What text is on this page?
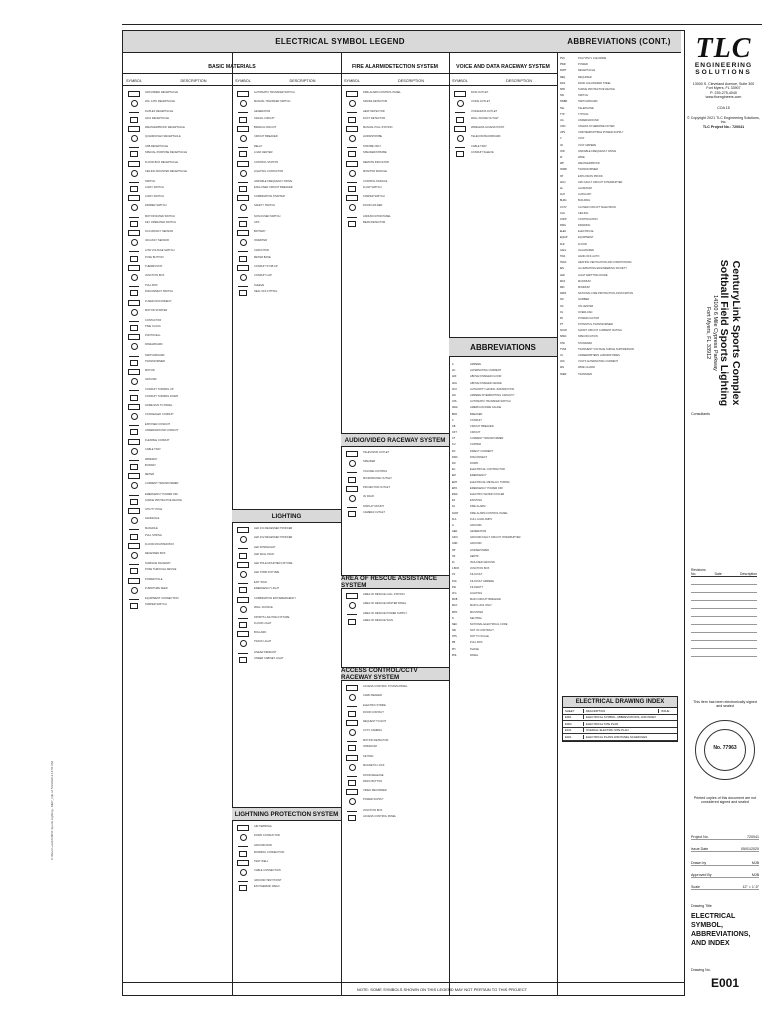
C:\Revit Local\720041 Sports Lighting - MEP_mjb.rvt 5/1/2020 2:14:51 PM
ELECTRICAL SYMBOL LEGEND	ABBREVIATIONS (CONT.)
BASIC MATERIALS	FIRE ALARM/DETECTION SYSTEM	VOICE AND DATA RACEWAY SYSTEM
SYMBOL	DESCRIPTION	SYMBOL	DESCRIPTION	SYMBOL	DESCRIPTION	SYMBOL	DESCRIPTION
GROUNDED RECEPTACLE
20A, 125V RECEPTACLE
DUPLEX RECEPTACLE
GFCI RECEPTACLE
WEATHERPROOF RECEPTACLE
QUADRUPLEX RECEPTACLE
USB RECEPTACLE
SPECIAL PURPOSE RECEPTACLE
FLOOR BOX RECEPTACLE
CEILING MOUNTED RECEPTACLE
SWITCH
3-WAY SWITCH
4-WAY SWITCH
DIMMER SWITCH
MOTOR RATED SWITCH
KEY OPERATED SWITCH
OCCUPANCY SENSOR
VACANCY SENSOR
LOW VOLTAGE SWITCH
PUSH BUTTON
THERMOSTAT
JUNCTION BOX
PULL BOX
DISCONNECT SWITCH
FUSED DISCONNECT
MOTOR STARTER
CONTACTOR
TIME CLOCK
PHOTOCELL
PANELBOARD
SWITCHBOARD
TRANSFORMER
MOTOR
GROUND
CONDUIT TURNING UP
CONDUIT TURNING DOWN
HOME RUN TO PANEL
CONCEALED CONDUIT
EXPOSED CONDUIT
UNDERGROUND CONDUIT
FLEXIBLE CONDUIT
CABLE TRAY
WIREWAY
BUSWAY
METER
CURRENT TRANSFORMER
EMERGENCY POWER OFF
SURGE PROTECTIVE DEVICE
UTILITY POLE
HANDHOLE
MANHOLE
PULL STRING
FLOOR MOUNTED BOX
RECESSED BOX
SURFACE RACEWAY
POKE THROUGH DEVICE
POWER POLE
FURNITURE FEED
EQUIPMENT CONNECTION
TAMPER SWITCH
AUTOMATIC TRANSFER SWITCH
MANUAL TRANSFER SWITCH
GENERATOR
SIGNAL CIRCUIT
BRANCH CIRCUIT
CIRCUIT BREAKER
RELAY
LOAD CENTER
CONTROL STATION
LIGHTING CONTACTOR
VARIABLE FREQUENCY DRIVE
ENCLOSED CIRCUIT BREAKER
COMBINATION STARTER
SAFETY SWITCH
NON-FUSED SWITCH
UPS
BATTERY
INVERTER
CAPACITOR
METER BASE
CONDUIT STUB UP
CONDUIT CAP
SLEEVE
SEAL OFF FITTING
LIGHTING
LED 2X4 RECESSED TROFFER
LED 2X2 RECESSED TROFFER
LED DOWNLIGHT
LED WALL PACK
LED POLE MOUNTED FIXTURE
LED STRIP FIXTURE
EXIT SIGN
EMERGENCY LIGHT
COMBINATION EXIT/EMERGENCY
WALL SCONCE
SPORTS LIGHTING FIXTURE
FLOOD LIGHT
BOLLARD
TRACK LIGHT
LINEAR PENDANT
UNDER CABINET LIGHT
LIGHTNING PROTECTION SYSTEM
AIR TERMINAL
DOWN CONDUCTOR
GROUND ROD
BONDING CONNECTION
TEST WELL
CABLE CONNECTION
GROUND TEST POINT
EXOTHERMIC WELD
FIRE ALARM CONTROL PANEL
SMOKE DETECTOR
HEAT DETECTOR
DUCT DETECTOR
MANUAL PULL STATION
HORN/STROBE
STROBE ONLY
SPEAKER/STROBE
REMOTE INDICATOR
MONITOR MODULE
CONTROL MODULE
FLOW SWITCH
TAMPER SWITCH
DOOR HOLDER
ANNUNCIATOR PANEL
BEAM DETECTOR
AUDIO/VIDEO RACEWAY SYSTEM
TELEVISION OUTLET
SPEAKER
VOLUME CONTROL
MICROPHONE OUTLET
PROJECTOR OUTLET
AV RACK
DISPLAY MOUNT
CAMERA OUTLET
AREA OF RESCUE ASSISTANCE SYSTEM
AREA OF RESCUE CALL STATION
AREA OF RESCUE MASTER PANEL
AREA OF RESCUE POWER SUPPLY
AREA OF RESCUE SIGN
ACCESS CONTROL/CCTV RACEWAY SYSTEM
ACCESS CONTROL SYSTEM PANEL
CARD READER
ELECTRIC STRIKE
DOOR CONTACT
REQUEST TO EXIT
CCTV CAMERA
MOTION DETECTOR
INTERCOM
KEYPAD
MAGNETIC LOCK
DOOR RELEASE
PANIC BUTTON
VIDEO RECORDER
POWER SUPPLY
JUNCTION BOX
ACCESS CONTROL PANEL
DATA OUTLET
VOICE OUTLET
VOICE/DATA OUTLET
WALL PHONE OUTLET
WIRELESS ACCESS POINT
TELECOM BACKBOARD
CABLE TRAY
CONDUIT SLEEVE
ABBREVIATIONS
A	AMPERE
AC	ALTERNATING CURRENT
AFF	ABOVE FINISHED FLOOR
AFG	ABOVE FINISHED GRADE
AHJ	AUTHORITY HAVING JURISDICTION
AIC	AMPERE INTERRUPTING CAPACITY
ATS	AUTOMATIC TRANSFER SWITCH
AWG	AMERICAN WIRE GAUGE
BKR	BREAKER
C	CONDUIT
CB	CIRCUIT BREAKER
CKT	CIRCUIT
CT	CURRENT TRANSFORMER
CU	COPPER
DC	DIRECT CURRENT
DISC	DISCONNECT
DN	DOWN
EC	ELECTRICAL CONTRACTOR
EM	EMERGENCY
EMT	ELECTRICAL METALLIC TUBING
EPO	EMERGENCY POWER OFF
EWC	ELECTRIC WATER COOLER
EX	EXISTING
FA	FIRE ALARM
FACP	FIRE ALARM CONTROL PANEL
FLA	FULL LOAD AMPS
G	GROUND
GEN	GENERATOR
GFCI	GROUND FAULT CIRCUIT INTERRUPTER
GND	GROUND
HP	HORSEPOWER
HZ	HERTZ
IG	ISOLATED GROUND
J-BOX	JUNCTION BOX
KV	KILOVOLT
KVA	KILOVOLT AMPERE
KW	KILOWATT
LTG	LIGHTING
MCB	MAIN CIRCUIT BREAKER
MLO	MAIN LUGS ONLY
MTD	MOUNTED
N	NEUTRAL
NEC	NATIONAL ELECTRICAL CODE
NIC	NOT IN CONTRACT
NTS	NOT TO SCALE
PB	PULL BOX
PH	PHASE
PNL	PANEL
PVC	POLYVINYL CHLORIDE
PWR	POWER
RCPT	RECEPTACLE
REQ	REQUIRED
RGS	RIGID GALVANIZED STEEL
SPD	SURGE PROTECTIVE DEVICE
SW	SWITCH
SWBD	SWITCHBOARD
TEL	TELEPHONE
TYP	TYPICAL
UG	UNDERGROUND
UON	UNLESS OTHERWISE NOTED
UPS	UNINTERRUPTIBLE POWER SUPPLY
V	VOLT
VA	VOLT AMPERE
VFD	VARIABLE FREQUENCY DRIVE
W	WIRE
WP	WEATHERPROOF
XFMR	TRANSFORMER
XP	EXPLOSION PROOF
AFCI	ARC FAULT CIRCUIT INTERRUPTER
AL	ALUMINUM
AUX	AUXILIARY
BLDG	BUILDING
CCTV	CLOSED CIRCUIT TELEVISION
CLG	CEILING
CONT	CONTINUATION
DWG	DRAWING
ELEC	ELECTRICAL
EQUIP	EQUIPMENT
FLR	FLOOR
GALV	GALVANIZED
HOA	HAND-OFF-AUTO
HVAC	HEATING VENTILATION AIR CONDITIONING
IES	ILLUMINATING ENGINEERING SOCIETY
LED	LIGHT EMITTING DIODE
MAX	MAXIMUM
MIN	MINIMUM
NFPA	NATIONAL FIRE PROTECTION ASSOCIATION
NO	NUMBER
OC	ON CENTER
OL	OVERLOAD
PF	POWER FACTOR
PT	POTENTIAL TRANSFORMER
SCCR	SHORT CIRCUIT CURRENT RATING
SPEC	SPECIFICATION
STD	STANDARD
TVSS	TRANSIENT VOLTAGE SURGE SUPPRESSOR
UL	UNDERWRITERS LABORATORIES
VAC	VOLTS ALTERNATING CURRENT
WG	WIRE GUARD
XFER	TRANSFER
NOTE: SOME SYMBOLS SHOWN ON THIS LEGEND MAY NOT PERTAIN TO THIS PROJECT
ELECTRICAL DRAWING INDEX
SHEET	DESCRIPTION	ISSUE
E001	ELECTRICAL SYMBOL, ABBREVIATIONS, AND INDEX
E002	ELECTRICAL SITE PLAN
E101	OVERALL ELECTRIC SITE PLAN
E401	ELECTRICAL PLANS AND PANEL SCHEDULES
TLC
ENGINEERING
SOLUTIONS
13000 S. Cleveland Avenue, Suite 300
Fort Myers, FL 33907
P: 239-275-4040
www.tlcengineers.com
COA 15
© Copyright 2021 TLC Engineering Solutions, Inc.
TLC Project No.: 720041
CenturyLink Sports Complex
Softball Field Sports Lighting
14100 6 Mile Cypress Parkway
Fort Myers, FL 33912
Consultants
Revisions
No.	Date	Description
This item has been electronically signed and sealed
No. 77963
Printed copies of this document are not considered signed and sealed
Project No.	720041
Issue Date	05/01/2020
Drawn by	MJB
Approved By	MJB
Scale	12" = 1'-0"
Drawing Title
ELECTRICAL SYMBOL, ABBREVIATIONS, AND INDEX
Drawing No.
E001
